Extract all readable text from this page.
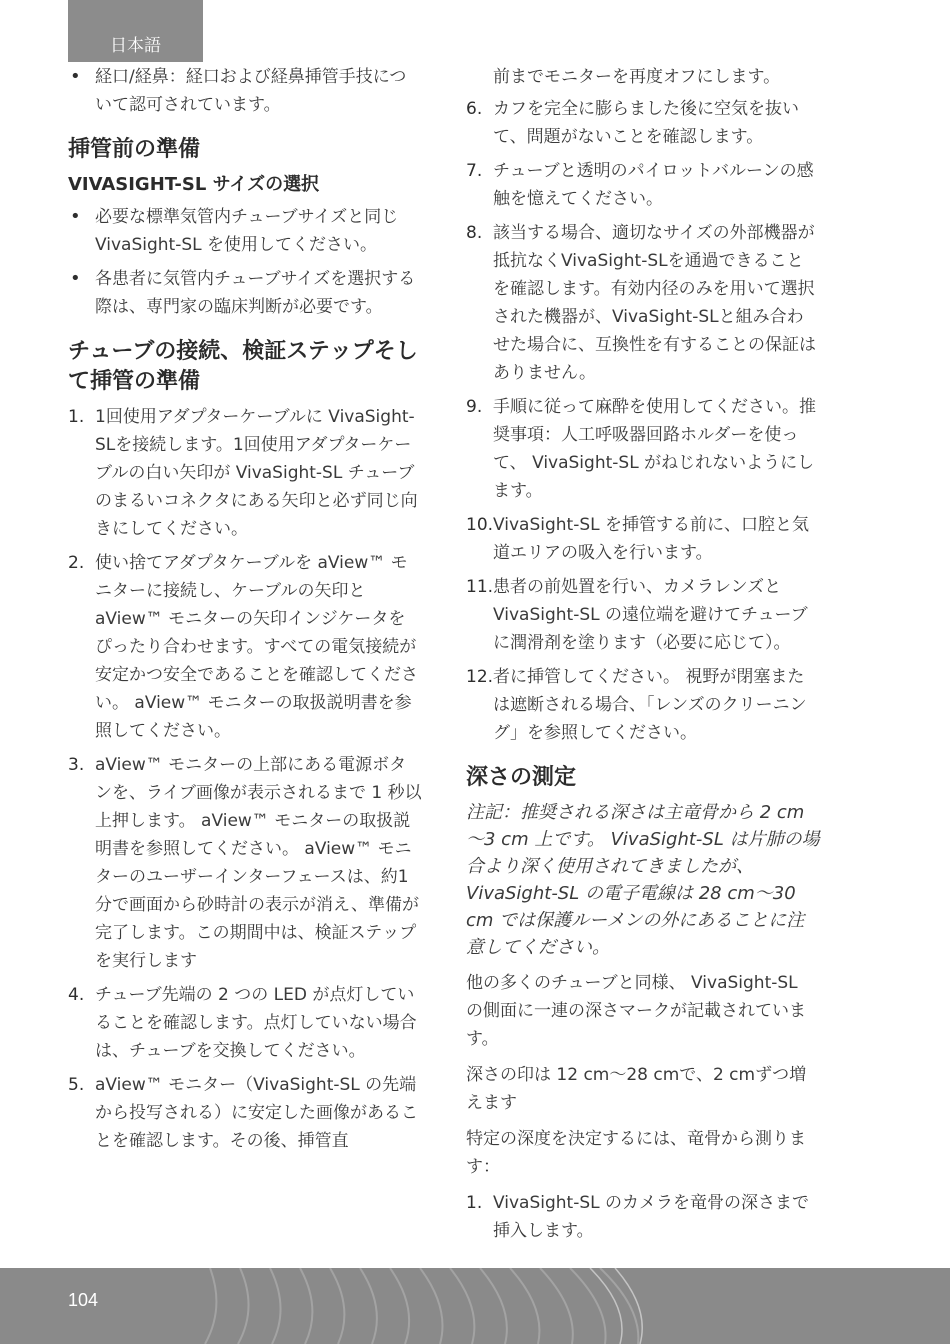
日本語
• 経口/経鼻：経口および経鼻挿管手技について認可されています。
挿管前の準備
VIVASIGHT-SL サイズの選択
• 必要な標準気管内チューブサイズと同じ VivaSight-SL を使用してください。
• 各患者に気管内チューブサイズを選択する際は、専門家の臨床判断が必要です。
チューブの接続、検証ステップそして挿管の準備
1. 1回使用アダプターケーブルに VivaSight-SLを接続します。1回使用アダプターケーブルの白い矢印が VivaSight-SL チューブのまるいコネクタにある矢印と必ず同じ向きにしてください。
2. 使い捨てアダプタケーブルを aView™ モニターに接続し、ケーブルの矢印と aView™ モニターの矢印インジケータをぴったり合わせます。すべての電気接続が安定かつ安全であることを確認してください。 aView™ モニターの取扱説明書を参照してください。
3. aView™ モニターの上部にある電源ボタンを、ライブ画像が表示されるまで 1 秒以上押します。 aView™ モニターの取扱説明書を参照してください。 aView™ モニターのユーザーインターフェースは、約1分で画面から砂時計の表示が消え、準備が完了します。この期間中は、検証ステップを実行します
4. チューブ先端の 2 つの LED が点灯していることを確認します。点灯していない場合は、チューブを交換してください。
5. aView™ モニター（VivaSight-SL の先端から投写される）に安定した画像があることを確認します。その後、挿管直
前までモニターを再度オフにします。
6. カフを完全に膨らました後に空気を抜いて、問題がないことを確認します。
7. チューブと透明のパイロットバルーンの感触を憶えてください。
8. 該当する場合、適切なサイズの外部機器が抵抗なくVivaSight-SLを通過できることを確認します。有効内径のみを用いて選択された機器が、VivaSight-SLと組み合わせた場合に、互換性を有することの保証はありません。
9. 手順に従って麻酔を使用してください。推奨事項：人工呼吸器回路ホルダーを使って、 VivaSight-SL がねじれないようにします。
10. VivaSight-SL を挿管する前に、口腔と気道エリアの吸入を行います。
11. 患者の前処置を行い、カメラレンズとVivaSight-SL の遠位端を避けてチューブに潤滑剤を塗ります（必要に応じて）。
12. 者に挿管してください。 視野が閉塞または遮断される場合、「レンズのクリーニング」を参照してください。
深さの測定
注記：推奨される深さは主竜骨から 2 cm～3 cm 上です。 VivaSight-SL は片肺の場合より深く使用されてきましたが、VivaSight-SL の電子電線は 28 cm～30 cm では保護ルーメンの外にあることに注意してください。
他の多くのチューブと同様、 VivaSight-SL の側面に一連の深さマークが記載されています。
深さの印は 12 cm～28 cmで、2 cmずつ増えます
特定の深度を決定するには、竜骨から測ります：
1. VivaSight-SL のカメラを竜骨の深さまで挿入します。
104
